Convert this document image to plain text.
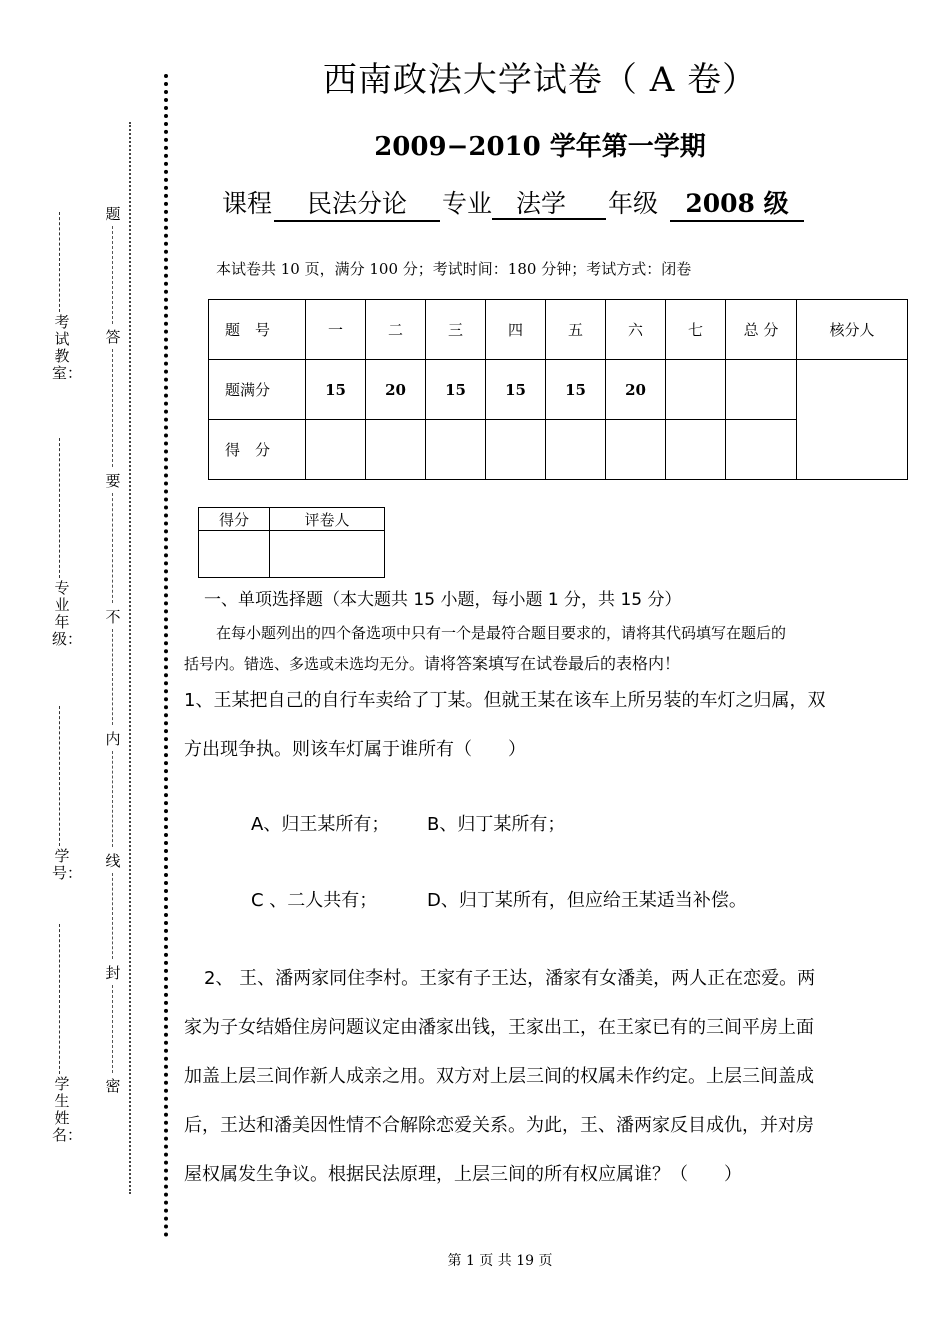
题
答
要
不
内
线
封
密
考试教室：
专业年级：
学号：
学生姓名：
西南政法大学试卷（ A 卷）
2009−2010 学年第一学期
课程	民法分论	专业 法学	年级	2008 级
本试卷共 10 页，满分 100 分；考试时间：180 分钟；考试方式：闭卷
题　号	一	二	三	四	五	六	七	总 分	核分人
题满分	15	20	15	15	15	20			
得　分									
得分	评卷人

一、单项选择题（本大题共 15 小题，每小题 1 分，共 15 分）
在每小题列出的四个备选项中只有一个是最符合题目要求的，请将其代码填写在题后的
括号内。错选、多选或未选均无分。请将答案填写在试卷最后的表格内！
1、王某把自己的自行车卖给了丁某。但就王某在该车上所另装的车灯之归属，双
方出现争执。则该车灯属于谁所有（　　）
A、归王某所有； B、归丁某所有；
C 、二人共有；	D、归丁某所有，但应给王某适当补偿。
2、 王、潘两家同住李村。王家有子王达，潘家有女潘美，两人正在恋爱。两
家为子女结婚住房问题议定由潘家出钱，王家出工，在王家已有的三间平房上面
加盖上层三间作新人成亲之用。双方对上层三间的权属未作约定。上层三间盖成
后，王达和潘美因性情不合解除恋爱关系。为此，王、潘两家反目成仇，并对房
屋权属发生争议。根据民法原理，上层三间的所有权应属谁？（　　）
第 1 页 共 19 页
